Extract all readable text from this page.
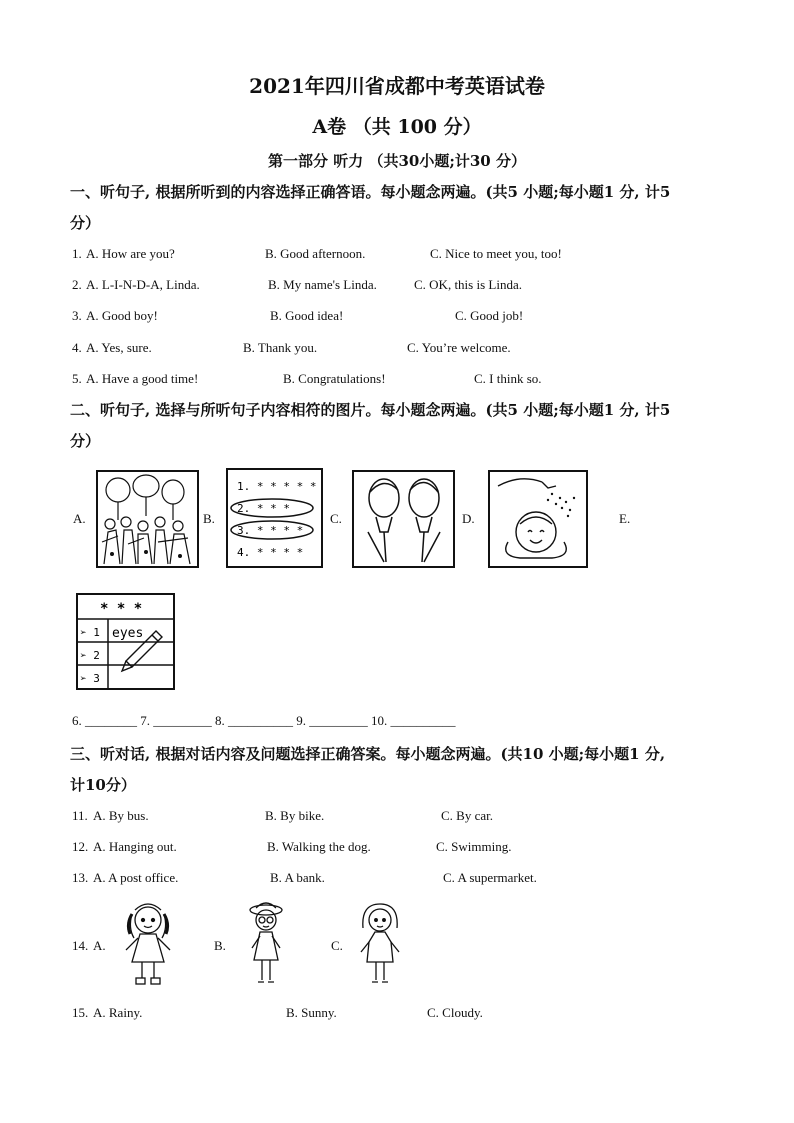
2021年四川省成都中考英语试卷
A卷 （共 100 分）
第一部分 听力 （共30小题;计30 分）
一、听句子, 根据所听到的内容选择正确答语。每小题念两遍。(共5 小题;每小题1 分, 计5
分）
1. A. How are you?	B. Good afternoon.	C. Nice to meet you, too!
2. A. L-I-N-D-A, Linda.	B. My name's Linda.	C. OK, this is Linda.
3. A. Good boy!	B. Good idea!	C. Good job!
4. A. Yes, sure.	B. Thank you.	C. You’re welcome.
5. A. Have a good time!	B. Congratulations!	C. I think so.
二、听句子, 选择与所听句子内容相符的图片。每小题念两遍。(共5 小题;每小题1 分, 计5
分）
A.	B.	C.	D.	E.
1. * * * * *
2. * * *
3. * * * *
4. * * * *
* * *
➢ 1
➢ 2
➢ 3
eyes
6. ________ 7. _________ 8. __________ 9. _________ 10. __________
三、听对话, 根据对话内容及问题选择正确答案。每小题念两遍。(共10 小题;每小题1 分,
计10分）
11. A. By bus.	B. By bike.	C. By car.
12. A. Hanging out.	B. Walking the dog.	C. Swimming.
13. A. A post office.	B. A bank.	C. A supermarket.
14. A.	B.	C.
15. A. Rainy.	B. Sunny.	C. Cloudy.
